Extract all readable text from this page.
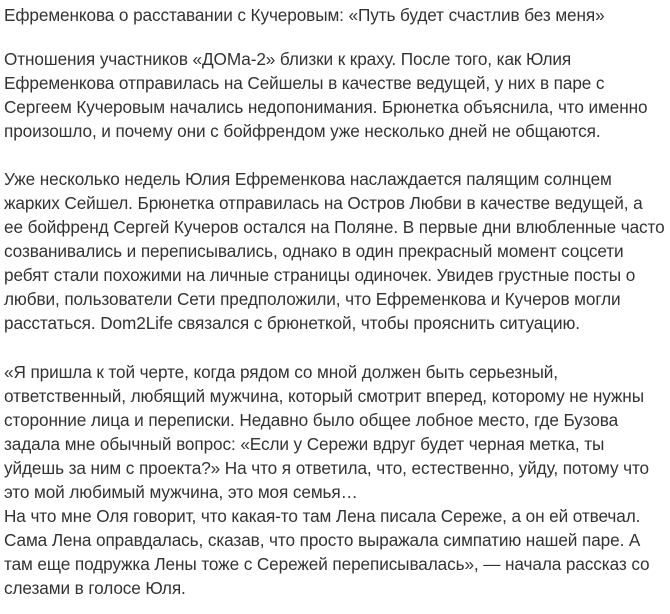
Ефременкова о расставании с Кучеровым: «Путь будет счастлив без меня»

Отношения участников «ДОМа-2» близки к краху. После того, как Юлия
Ефременкова отправилась на Сейшелы в качестве ведущей, у них в паре с
Сергеем Кучеровым начались недопонимания. Брюнетка объяснила, что именно
произошло, и почему они с бойфрендом уже несколько дней не общаются.

Уже несколько недель Юлия Ефременкова наслаждается палящим солнцем
жарких Сейшел. Брюнетка отправилась на Остров Любви в качестве ведущей, а
ее бойфренд Сергей Кучеров остался на Поляне. В первые дни влюбленные часто
созванивались и переписывались, однако в один прекрасный момент соцсети
ребят стали похожими на личные страницы одиночек. Увидев грустные посты о
любви, пользователи Сети предположили, что Ефременкова и Кучеров могли
расстаться. Dom2Life связался с брюнеткой, чтобы прояснить ситуацию.

«Я пришла к той черте, когда рядом со мной должен быть серьезный,
ответственный, любящий мужчина, который смотрит вперед, которому не нужны
сторонние лица и переписки. Недавно было общее лобное место, где Бузова
задала мне обычный вопрос: «Если у Сережи вдруг будет черная метка, ты
уйдешь за ним с проекта?» На что я ответила, что, естественно, уйду, потому что
это мой любимый мужчина, это моя семья…
На что мне Оля говорит, что какая-то там Лена писала Сереже, а он ей отвечал.
Сама Лена оправдалась, сказав, что просто выражала симпатию нашей паре. А
там еще подружка Лены тоже с Сережей переписывалась», — начала рассказ со
слезами в голосе Юля.
